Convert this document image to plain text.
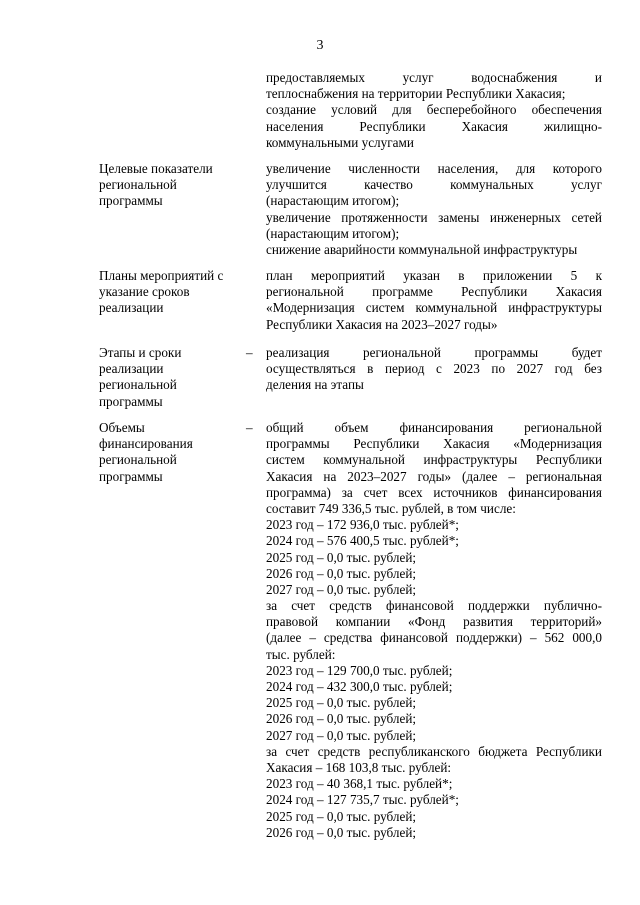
3
предоставляемых услуг водоснабжения и
теплоснабжения на территории Республики Хакасия;
создание условий для бесперебойного обеспечения
населения Республики Хакасия жилищно-
коммунальными услугами
Целевые показатели региональной программы
увеличение численности населения, для которого
улучшится качество коммунальных услуг
(нарастающим итогом);
увеличение протяженности замены инженерных сетей
(нарастающим итогом);
снижение аварийности коммунальной инфраструктуры
Планы мероприятий с указание сроков реализации
план мероприятий указан в приложении 5 к
региональной программе Республики Хакасия
«Модернизация систем коммунальной инфраструктуры
Республики Хакасия на 2023–2027 годы»
Этапы и сроки реализации региональной программы
– реализация региональной программы будет
осуществляться в период с 2023 по 2027 год без
деления на этапы
Объемы финансирования региональной программы
– общий объем финансирования региональной
программы Республики Хакасия «Модернизация
систем коммунальной инфраструктуры Республики
Хакасия на 2023–2027 годы» (далее – региональная
программа) за счет всех источников финансирования
составит 749 336,5 тыс. рублей, в том числе:
2023 год – 172 936,0 тыс. рублей*;
2024 год – 576 400,5 тыс. рублей*;
2025 год – 0,0 тыс. рублей;
2026 год – 0,0 тыс. рублей;
2027 год – 0,0 тыс. рублей;
за счет средств финансовой поддержки публично-
правовой компании «Фонд развития территорий»
(далее – средства финансовой поддержки) – 562 000,0
тыс. рублей:
2023 год – 129 700,0 тыс. рублей;
2024 год – 432 300,0 тыс. рублей;
2025 год – 0,0 тыс. рублей;
2026 год – 0,0 тыс. рублей;
2027 год – 0,0 тыс. рублей;
за счет средств республиканского бюджета Республики
Хакасия – 168 103,8 тыс. рублей:
2023 год – 40 368,1 тыс. рублей*;
2024 год – 127 735,7 тыс. рублей*;
2025 год – 0,0 тыс. рублей;
2026 год – 0,0 тыс. рублей;
